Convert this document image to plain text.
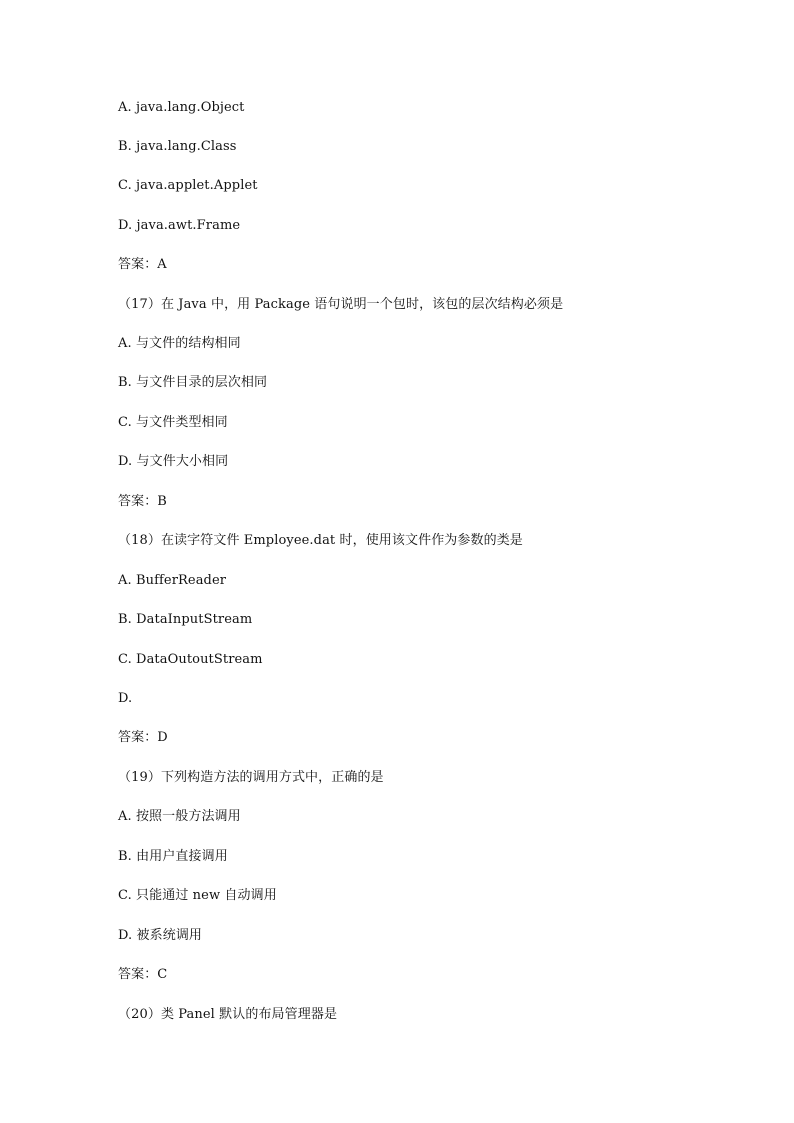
A. java.lang.Object
B. java.lang.Class
C. java.applet.Applet
D. java.awt.Frame
答案：A
（17）在 Java 中，用 Package 语句说明一个包时，该包的层次结构必须是
A. 与文件的结构相同
B. 与文件目录的层次相同
C. 与文件类型相同
D. 与文件大小相同
答案：B
（18）在读字符文件 Employee.dat 时，使用该文件作为参数的类是
A. BufferReader
B. DataInputStream
C. DataOutoutStream
D.
答案：D
（19）下列构造方法的调用方式中，正确的是
A. 按照一般方法调用
B. 由用户直接调用
C. 只能通过 new 自动调用
D. 被系统调用
答案：C
（20）类 Panel 默认的布局管理器是
